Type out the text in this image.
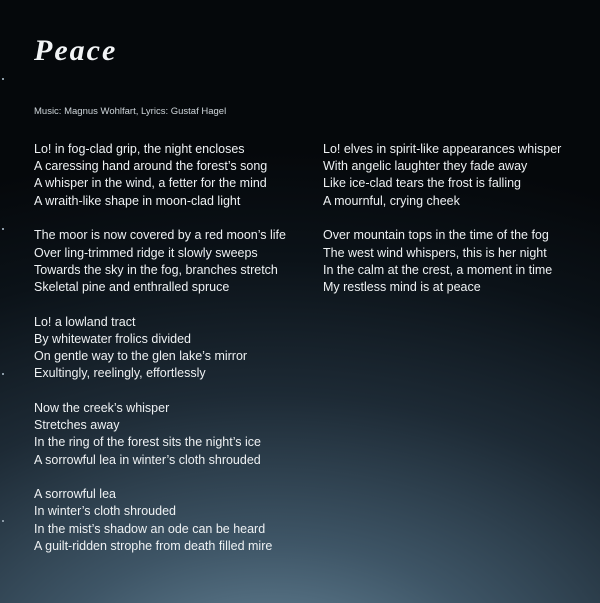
Peace

Music: Magnus Wohlfart, Lyrics: Gustaf Hagel

Lo! in fog-clad grip, the night encloses
A caressing hand around the forest’s song
A whisper in the wind, a fetter for the mind
A wraith-like shape in moon-clad light
The moor is now covered by a red moon’s life
Over ling-trimmed ridge it slowly sweeps
Towards the sky in the fog, branches stretch
Skeletal pine and enthralled spruce
Lo! a lowland tract
By whitewater frolics divided
On gentle way to the glen lake’s mirror
Exultingly, reelingly, effortlessly
Now the creek’s whisper
Stretches away
In the ring of the forest sits the night’s ice
A sorrowful lea in winter’s cloth shrouded
A sorrowful lea
In winter’s cloth shrouded
In the mist’s shadow an ode can be heard
A guilt-ridden strophe from death filled mire
Lo! elves in spirit-like appearances whisper
With angelic laughter they fade away
Like ice-clad tears the frost is falling
A mournful, crying cheek
Over mountain tops in the time of the fog
The west wind whispers, this is her night
In the calm at the crest, a moment in time
My restless mind is at peace
